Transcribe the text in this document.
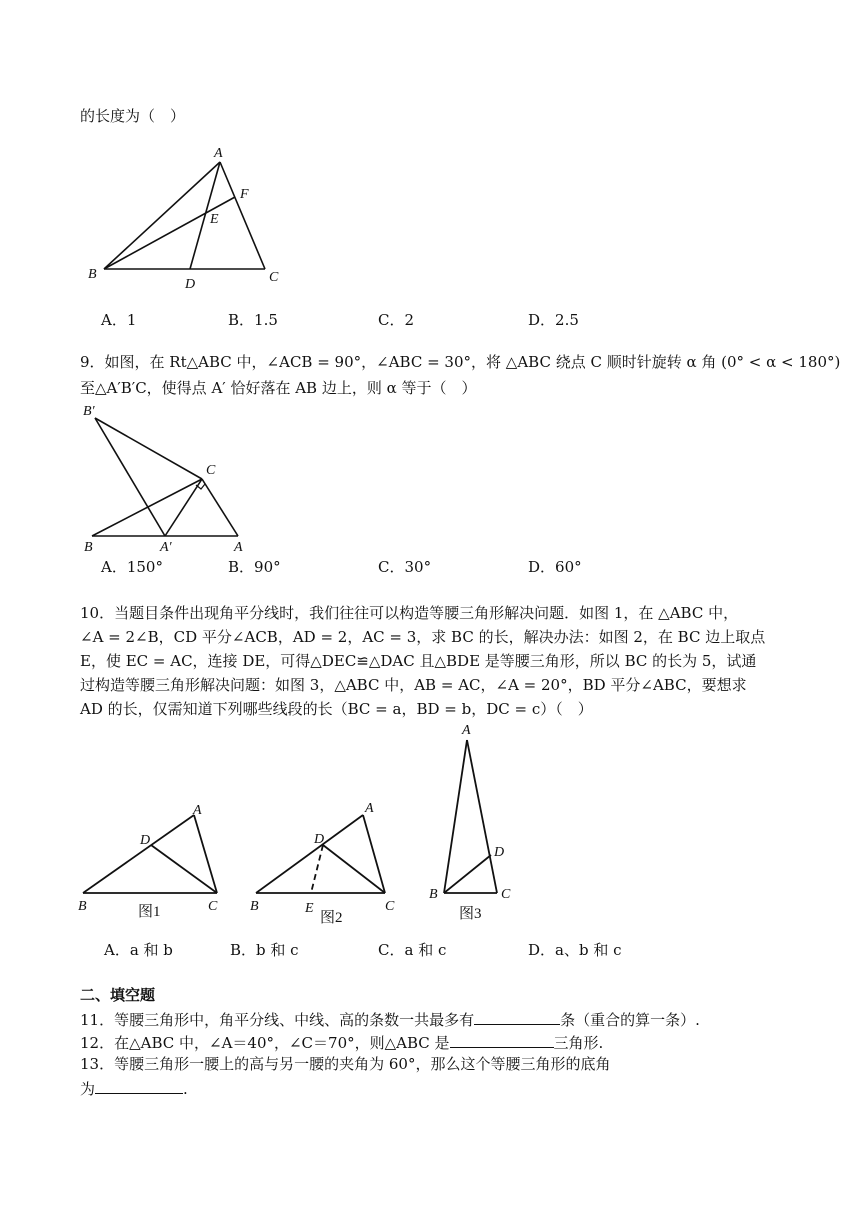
的长度为（　）
A
F
E
B
D	C
A．1	B．1.5	C．2	D．2.5
9．如图，在 Rt△ABC 中，∠ACB = 90°，∠ABC = 30°，将 △ABC 绕点 C 顺时针旋转 α 角 (0° < α < 180°)
至△A′B′C，使得点 A′ 恰好落在 AB 边上，则 α 等于（　）
B′
C
B	A′	A
A．150°	B．90°	C．30°	D．60°
10．当题目条件出现角平分线时，我们往往可以构造等腰三角形解决问题．如图 1，在 △ABC 中，
∠A = 2∠B，CD 平分∠ACB，AD = 2，AC = 3，求 BC 的长，解决办法：如图 2，在 BC 边上取点
E，使 EC = AC，连接 DE，可得△DEC≌△DAC 且△BDE 是等腰三角形，所以 BC 的长为 5，试通
过构造等腰三角形解决问题：如图 3，△ABC 中，AB = AC，∠A = 20°，BD 平分∠ABC，要想求
AD 的长，仅需知道下列哪些线段的长（BC = a，BD = b，DC = c）（　）
A
D
B	C
图1
A
D
B	E	C
图2
A
D
B	C
图3
A．a 和 b	B．b 和 c	C．a 和 c	D．a、b 和 c
二、填空题
11．等腰三角形中，角平分线、中线、高的条数一共最多有	条（重合的算一条）.
12．在△ABC 中，∠A＝40°，∠C＝70°，则△ABC 是	三角形.
13．等腰三角形一腰上的高与另一腰的夹角为 60°，那么这个等腰三角形的底角
为	.
